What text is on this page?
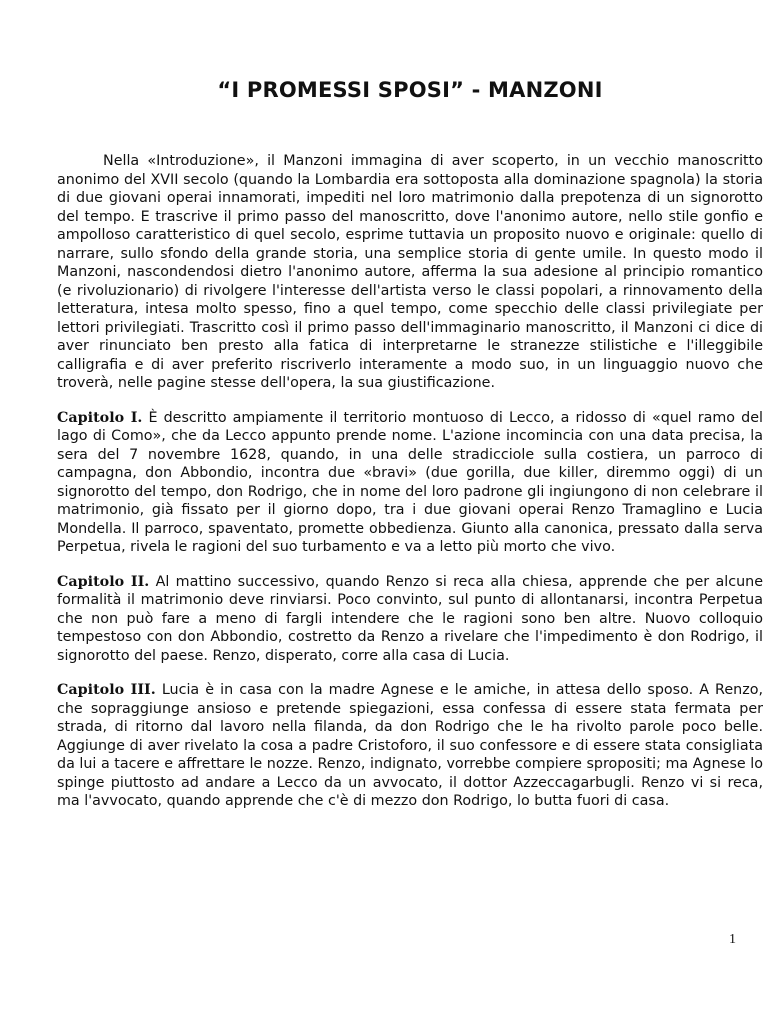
“I PROMESSI SPOSI” - MANZONI

Nella «Introduzione», il Manzoni immagina di aver scoperto, in un vecchio manoscritto anonimo del XVII secolo (quando la Lombardia era sottoposta alla dominazione spagnola) la storia di due giovani operai innamorati, impediti nel loro matrimonio dalla prepotenza di un signorotto del tempo. E trascrive il primo passo del manoscritto, dove l'anonimo autore, nello stile gonfio e ampolloso caratteristico di quel secolo, esprime tuttavia un proposito nuovo e originale: quello di narrare, sullo sfondo della grande storia, una semplice storia di gente umile. In questo modo il Manzoni, nascondendosi dietro l'anonimo autore, afferma la sua adesione al principio romantico (e rivoluzionario) di rivolgere l'interesse dell'artista verso le classi popolari, a rinnovamento della letteratura, intesa molto spesso, fino a quel tempo, come specchio delle classi privilegiate per lettori privilegiati. Trascritto così il primo passo dell'immaginario manoscritto, il Manzoni ci dice di aver rinunciato ben presto alla fatica di interpretarne le stranezze stilistiche e l'illeggibile calligrafia e di aver preferito riscriverlo interamente a modo suo, in un linguaggio nuovo che troverà, nelle pagine stesse dell'opera, la sua giustificazione.

Capitolo I. È descritto ampiamente il territorio montuoso di Lecco, a ridosso di «quel ramo del lago di Como», che da Lecco appunto prende nome. L'azione incomincia con una data precisa, la sera del 7 novembre 1628, quando, in una delle stradicciole sulla costiera, un parroco di campagna, don Abbondio, incontra due «bravi» (due gorilla, due killer, diremmo oggi) di un signorotto del tempo, don Rodrigo, che in nome del loro padrone gli ingiungono di non celebrare il matrimonio, già fissato per il giorno dopo, tra i due giovani operai Renzo Tramaglino e Lucia Mondella. Il parroco, spaventato, promette obbedienza. Giunto alla canonica, pressato dalla serva Perpetua, rivela le ragioni del suo turbamento e va a letto più morto che vivo.

Capitolo II. Al mattino successivo, quando Renzo si reca alla chiesa, apprende che per alcune formalità il matrimonio deve rinviarsi. Poco convinto, sul punto di allontanarsi, incontra Perpetua che non può fare a meno di fargli intendere che le ragioni sono ben altre. Nuovo colloquio tempestoso con don Abbondio, costretto da Renzo a rivelare che l'impedimento è don Rodrigo, il signorotto del paese. Renzo, disperato, corre alla casa di Lucia.

Capitolo III. Lucia è in casa con la madre Agnese e le amiche, in attesa dello sposo. A Renzo, che sopraggiunge ansioso e pretende spiegazioni, essa confessa di essere stata fermata per strada, di ritorno dal lavoro nella filanda, da don Rodrigo che le ha rivolto parole poco belle. Aggiunge di aver rivelato la cosa a padre Cristoforo, il suo confessore e di essere stata consigliata da lui a tacere e affrettare le nozze. Renzo, indignato, vorrebbe compiere spropositi; ma Agnese lo spinge piuttosto ad andare a Lecco da un avvocato, il dottor Azzeccagarbugli. Renzo vi si reca, ma l'avvocato, quando apprende che c'è di mezzo don Rodrigo, lo butta fuori di casa.

1
